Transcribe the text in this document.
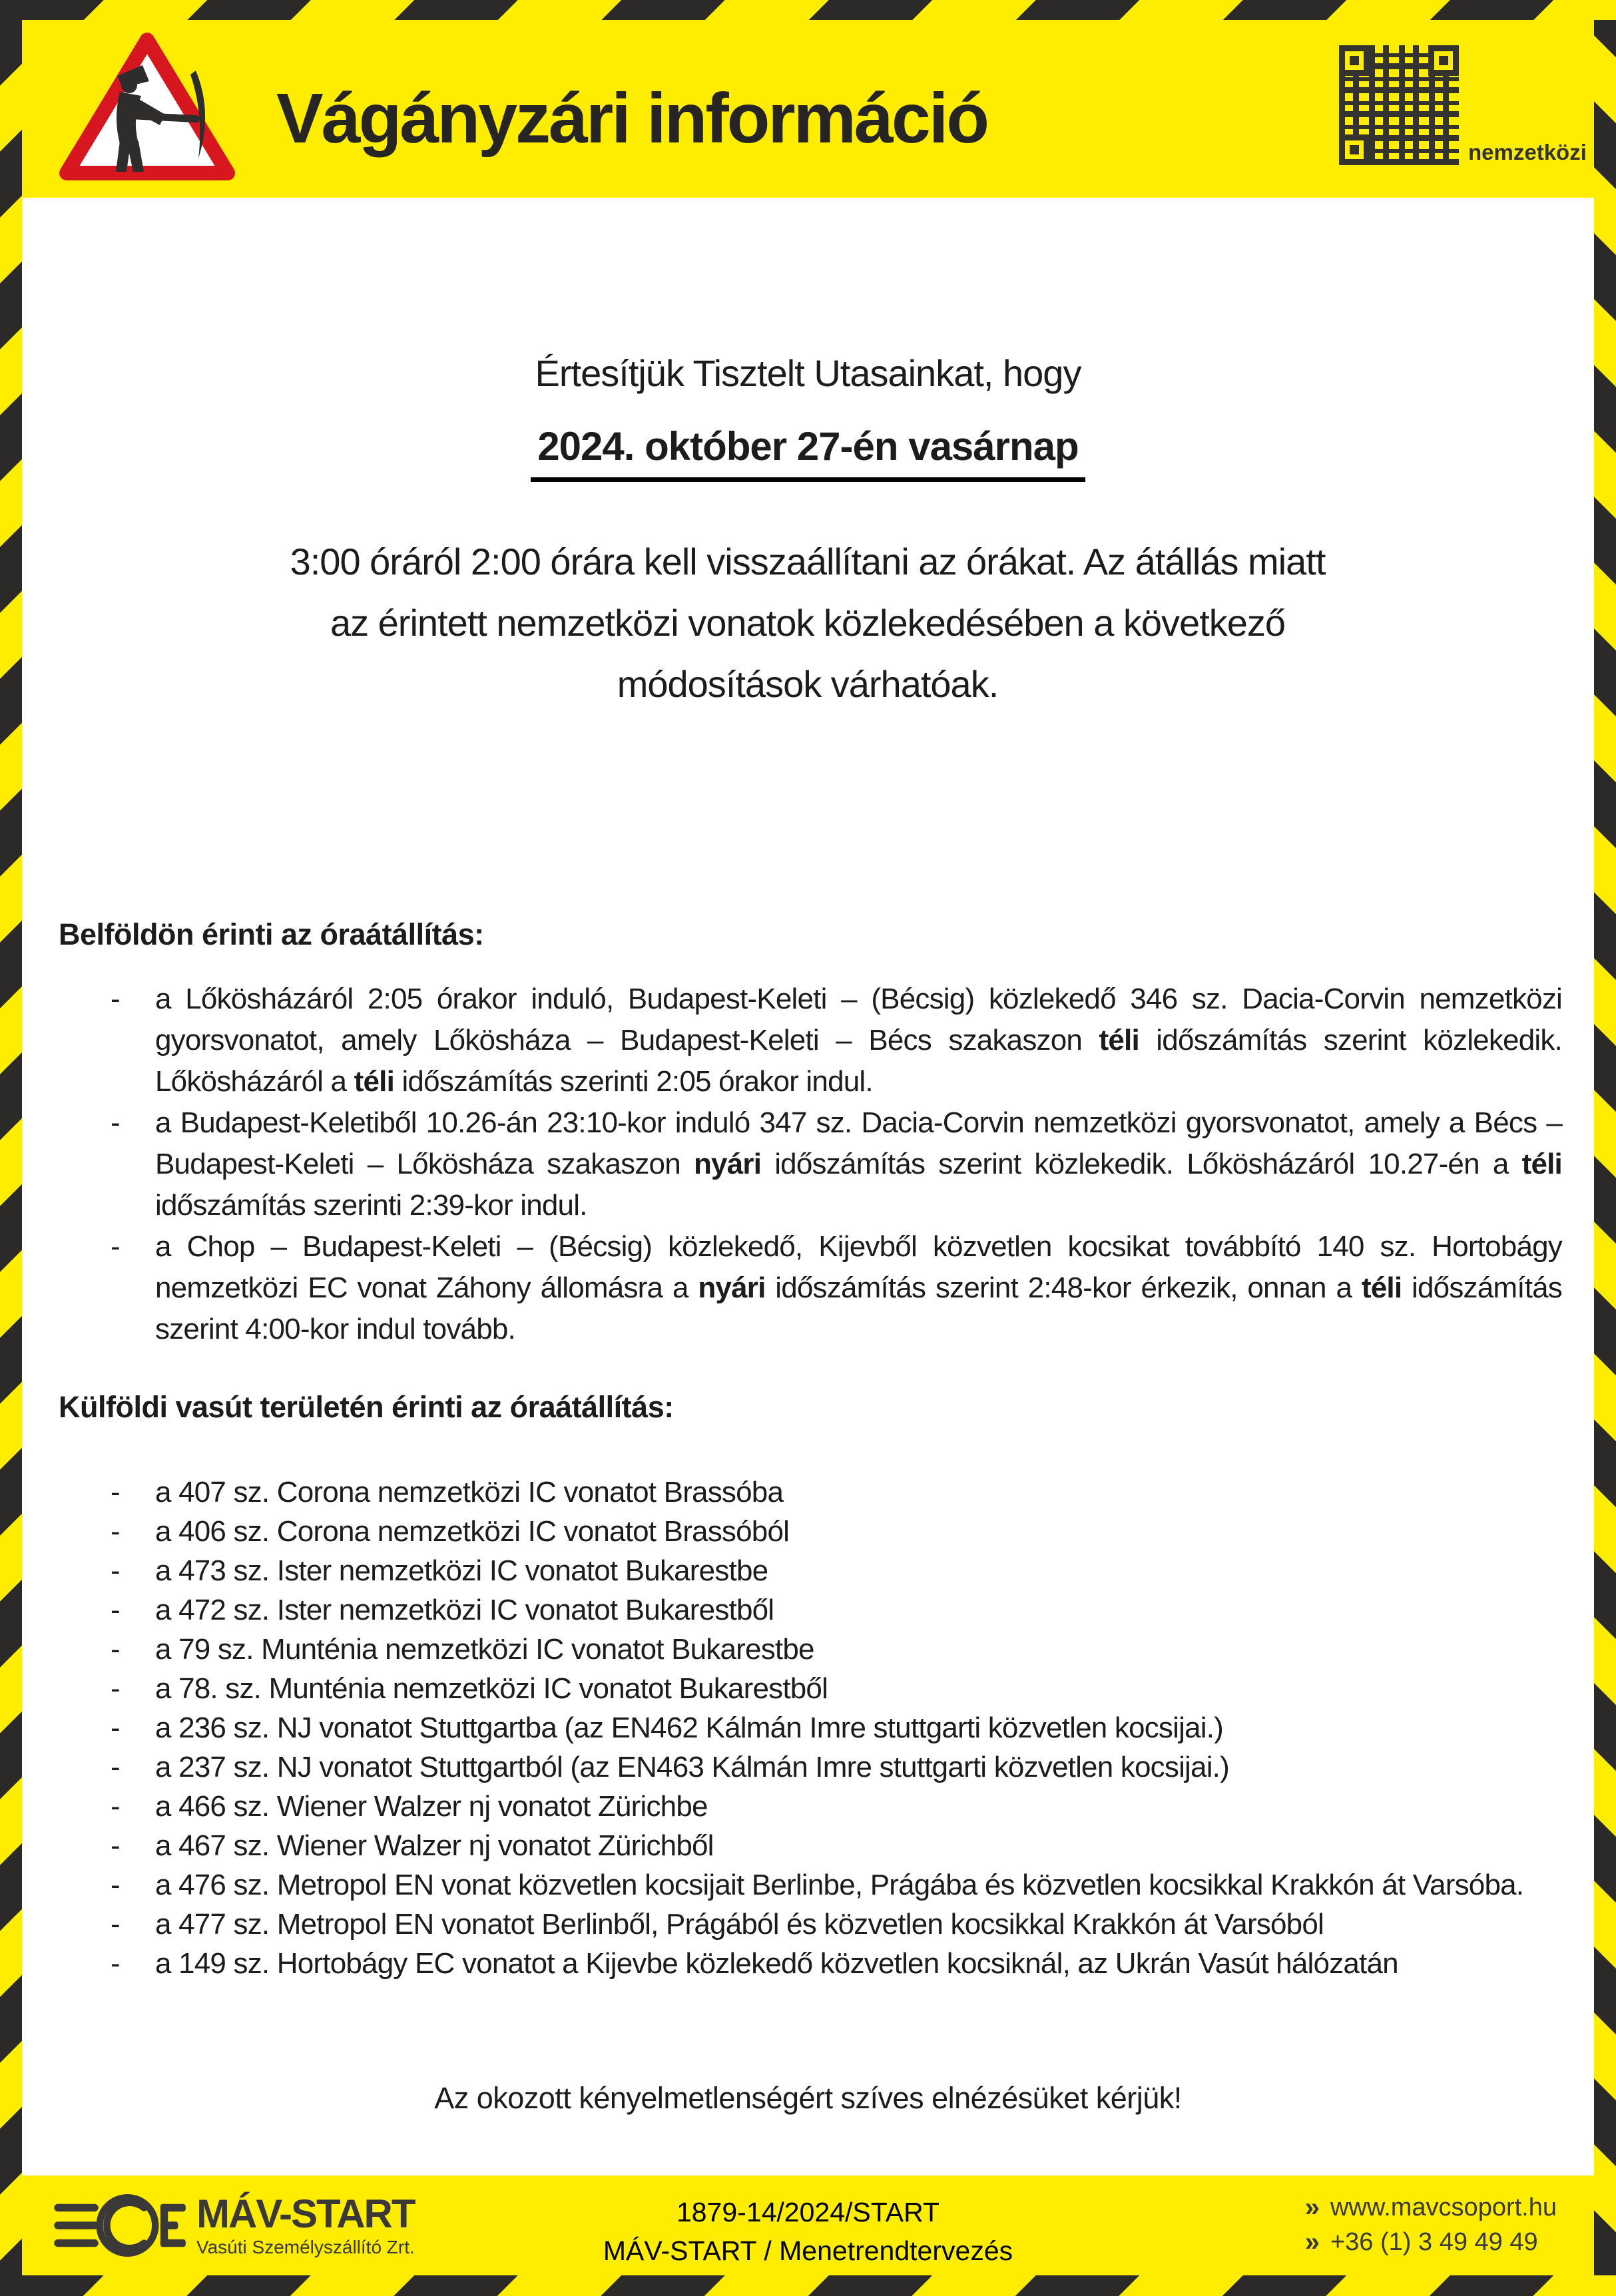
Vágányzári információ	nemzetközi
Értesítjük Tisztelt Utasainkat, hogy
2024. október 27-én vasárnap
3:00 óráról 2:00 órára kell visszaállítani az órákat. Az átállás miatt
az érintett nemzetközi vonatok közlekedésében a következő
módosítások várhatóak.
Belföldön érinti az óraátállítás:
- a Lőkösházáról 2:05 órakor induló, Budapest-Keleti – (Bécsig) közlekedő 346 sz. Dacia-Corvin nemzetközi gyorsvonatot, amely Lőkösháza – Budapest-Keleti – Bécs szakaszon téli időszámítás szerint közlekedik. Lőkösházáról a téli időszámítás szerinti 2:05 órakor indul.
- a Budapest-Keletiből 10.26-án 23:10-kor induló 347 sz. Dacia-Corvin nemzetközi gyorsvonatot, amely a Bécs – Budapest-Keleti – Lőkösháza szakaszon nyári időszámítás szerint közlekedik. Lőkösházáról 10.27-én a téli időszámítás szerinti 2:39-kor indul.
- a Chop – Budapest-Keleti – (Bécsig) közlekedő, Kijevből közvetlen kocsikat továbbító 140 sz. Hortobágy nemzetközi EC vonat Záhony állomásra a nyári időszámítás szerint 2:48-kor érkezik, onnan a téli időszámítás szerint 4:00-kor indul tovább.
Külföldi vasút területén érinti az óraátállítás:
- a 407 sz. Corona nemzetközi IC vonatot Brassóba
- a 406 sz. Corona nemzetközi IC vonatot Brassóból
- a 473 sz. Ister nemzetközi IC vonatot Bukarestbe
- a 472 sz. Ister nemzetközi IC vonatot Bukarestből
- a 79 sz. Munténia nemzetközi IC vonatot Bukarestbe
- a 78. sz. Munténia nemzetközi IC vonatot Bukarestből
- a 236 sz. NJ vonatot Stuttgartba (az EN462 Kálmán Imre stuttgarti közvetlen kocsijai.)
- a 237 sz. NJ vonatot Stuttgartból (az EN463 Kálmán Imre stuttgarti közvetlen kocsijai.)
- a 466 sz. Wiener Walzer nj vonatot Zürichbe
- a 467 sz. Wiener Walzer nj vonatot Zürichből
- a 476 sz. Metropol EN vonat közvetlen kocsijait Berlinbe, Prágába és közvetlen kocsikkal Krakkón át Varsóba.
- a 477 sz. Metropol EN vonatot Berlinből, Prágából és közvetlen kocsikkal Krakkón át Varsóból
- a 149 sz. Hortobágy EC vonatot a Kijevbe közlekedő közvetlen kocsiknál, az Ukrán Vasút hálózatán
Az okozott kényelmetlenségért szíves elnézésüket kérjük!
MÁV-START
Vasúti Személyszállító Zrt.
1879-14/2024/START
MÁV-START / Menetrendtervezés
» www.mavcsoport.hu
» +36 (1) 3 49 49 49
